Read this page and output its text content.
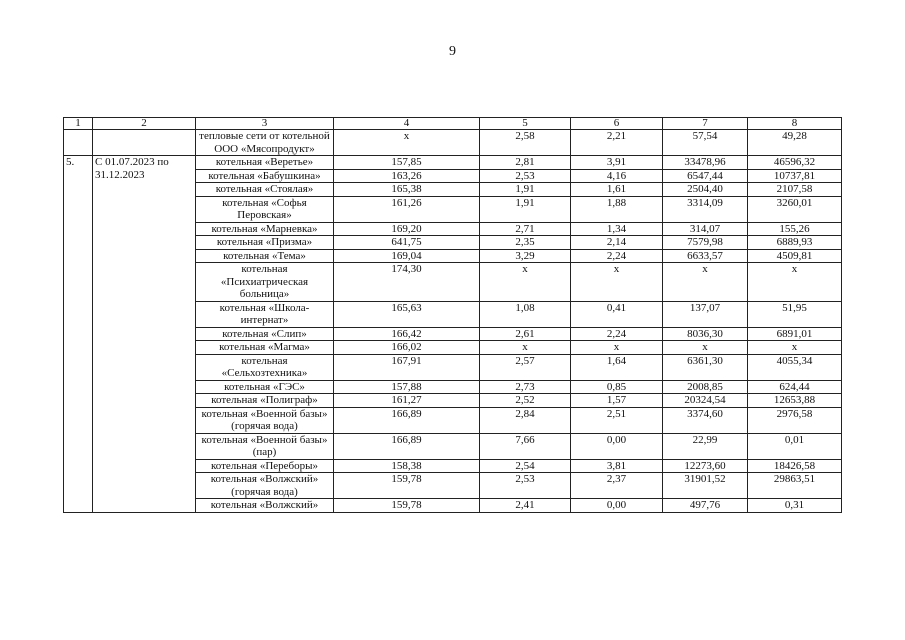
9
1	2	3	4	5	6	7	8
		тепловые сети от котельной ООО «Мясопродукт»	x	2,58	2,21	57,54	49,28
5.	С 01.07.2023 по 31.12.2023	котельная «Веретье»	157,85	2,81	3,91	33478,96	46596,32
		котельная «Бабушкина»	163,26	2,53	4,16	6547,44	10737,81
		котельная «Стоялая»	165,38	1,91	1,61	2504,40	2107,58
		котельная «Софья Перовская»	161,26	1,91	1,88	3314,09	3260,01
		котельная «Марневка»	169,20	2,71	1,34	314,07	155,26
		котельная «Призма»	641,75	2,35	2,14	7579,98	6889,93
		котельная «Тема»	169,04	3,29	2,24	6633,57	4509,81
		котельная «Психиатрическая больница»	174,30	x	x	x	x
		котельная «Школа-интернат»	165,63	1,08	0,41	137,07	51,95
		котельная «Слип»	166,42	2,61	2,24	8036,30	6891,01
		котельная «Магма»	166,02	x	x	x	x
		котельная «Сельхозтехника»	167,91	2,57	1,64	6361,30	4055,34
		котельная «ГЭС»	157,88	2,73	0,85	2008,85	624,44
		котельная «Полиграф»	161,27	2,52	1,57	20324,54	12653,88
		котельная «Военной базы» (горячая вода)	166,89	2,84	2,51	3374,60	2976,58
		котельная «Военной базы» (пар)	166,89	7,66	0,00	22,99	0,01
		котельная «Переборы»	158,38	2,54	3,81	12273,60	18426,58
		котельная «Волжский» (горячая вода)	159,78	2,53	2,37	31901,52	29863,51
		котельная «Волжский»	159,78	2,41	0,00	497,76	0,31
